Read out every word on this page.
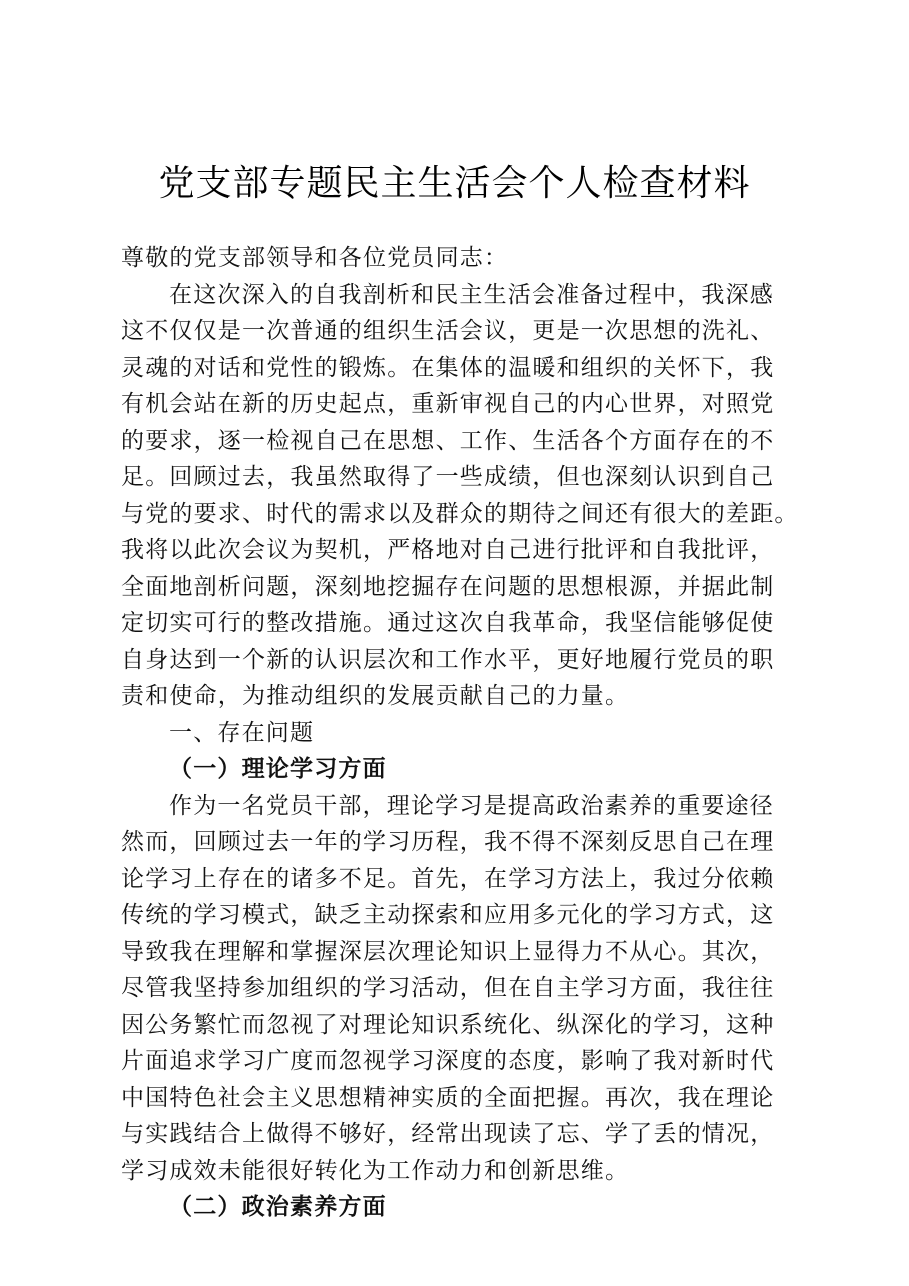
党支部专题民主生活会个人检查材料
尊敬的党支部领导和各位党员同志：
在这次深入的自我剖析和民主生活会准备过程中，我深感
这不仅仅是一次普通的组织生活会议，更是一次思想的洗礼、
灵魂的对话和党性的锻炼。在集体的温暖和组织的关怀下，我
有机会站在新的历史起点，重新审视自己的内心世界，对照党
的要求，逐一检视自己在思想、工作、生活各个方面存在的不
足。回顾过去，我虽然取得了一些成绩，但也深刻认识到自己
与党的要求、时代的需求以及群众的期待之间还有很大的差距。
我将以此次会议为契机，严格地对自己进行批评和自我批评，
全面地剖析问题，深刻地挖掘存在问题的思想根源，并据此制
定切实可行的整改措施。通过这次自我革命，我坚信能够促使
自身达到一个新的认识层次和工作水平，更好地履行党员的职
责和使命，为推动组织的发展贡献自己的力量。
一、存在问题
（一）理论学习方面
作为一名党员干部，理论学习是提高政治素养的重要途径
然而，回顾过去一年的学习历程，我不得不深刻反思自己在理
论学习上存在的诸多不足。首先，在学习方法上，我过分依赖
传统的学习模式，缺乏主动探索和应用多元化的学习方式，这
导致我在理解和掌握深层次理论知识上显得力不从心。其次，
尽管我坚持参加组织的学习活动，但在自主学习方面，我往往
因公务繁忙而忽视了对理论知识系统化、纵深化的学习，这种
片面追求学习广度而忽视学习深度的态度，影响了我对新时代
中国特色社会主义思想精神实质的全面把握。再次，我在理论
与实践结合上做得不够好，经常出现读了忘、学了丢的情况，
学习成效未能很好转化为工作动力和创新思维。
（二）政治素养方面
